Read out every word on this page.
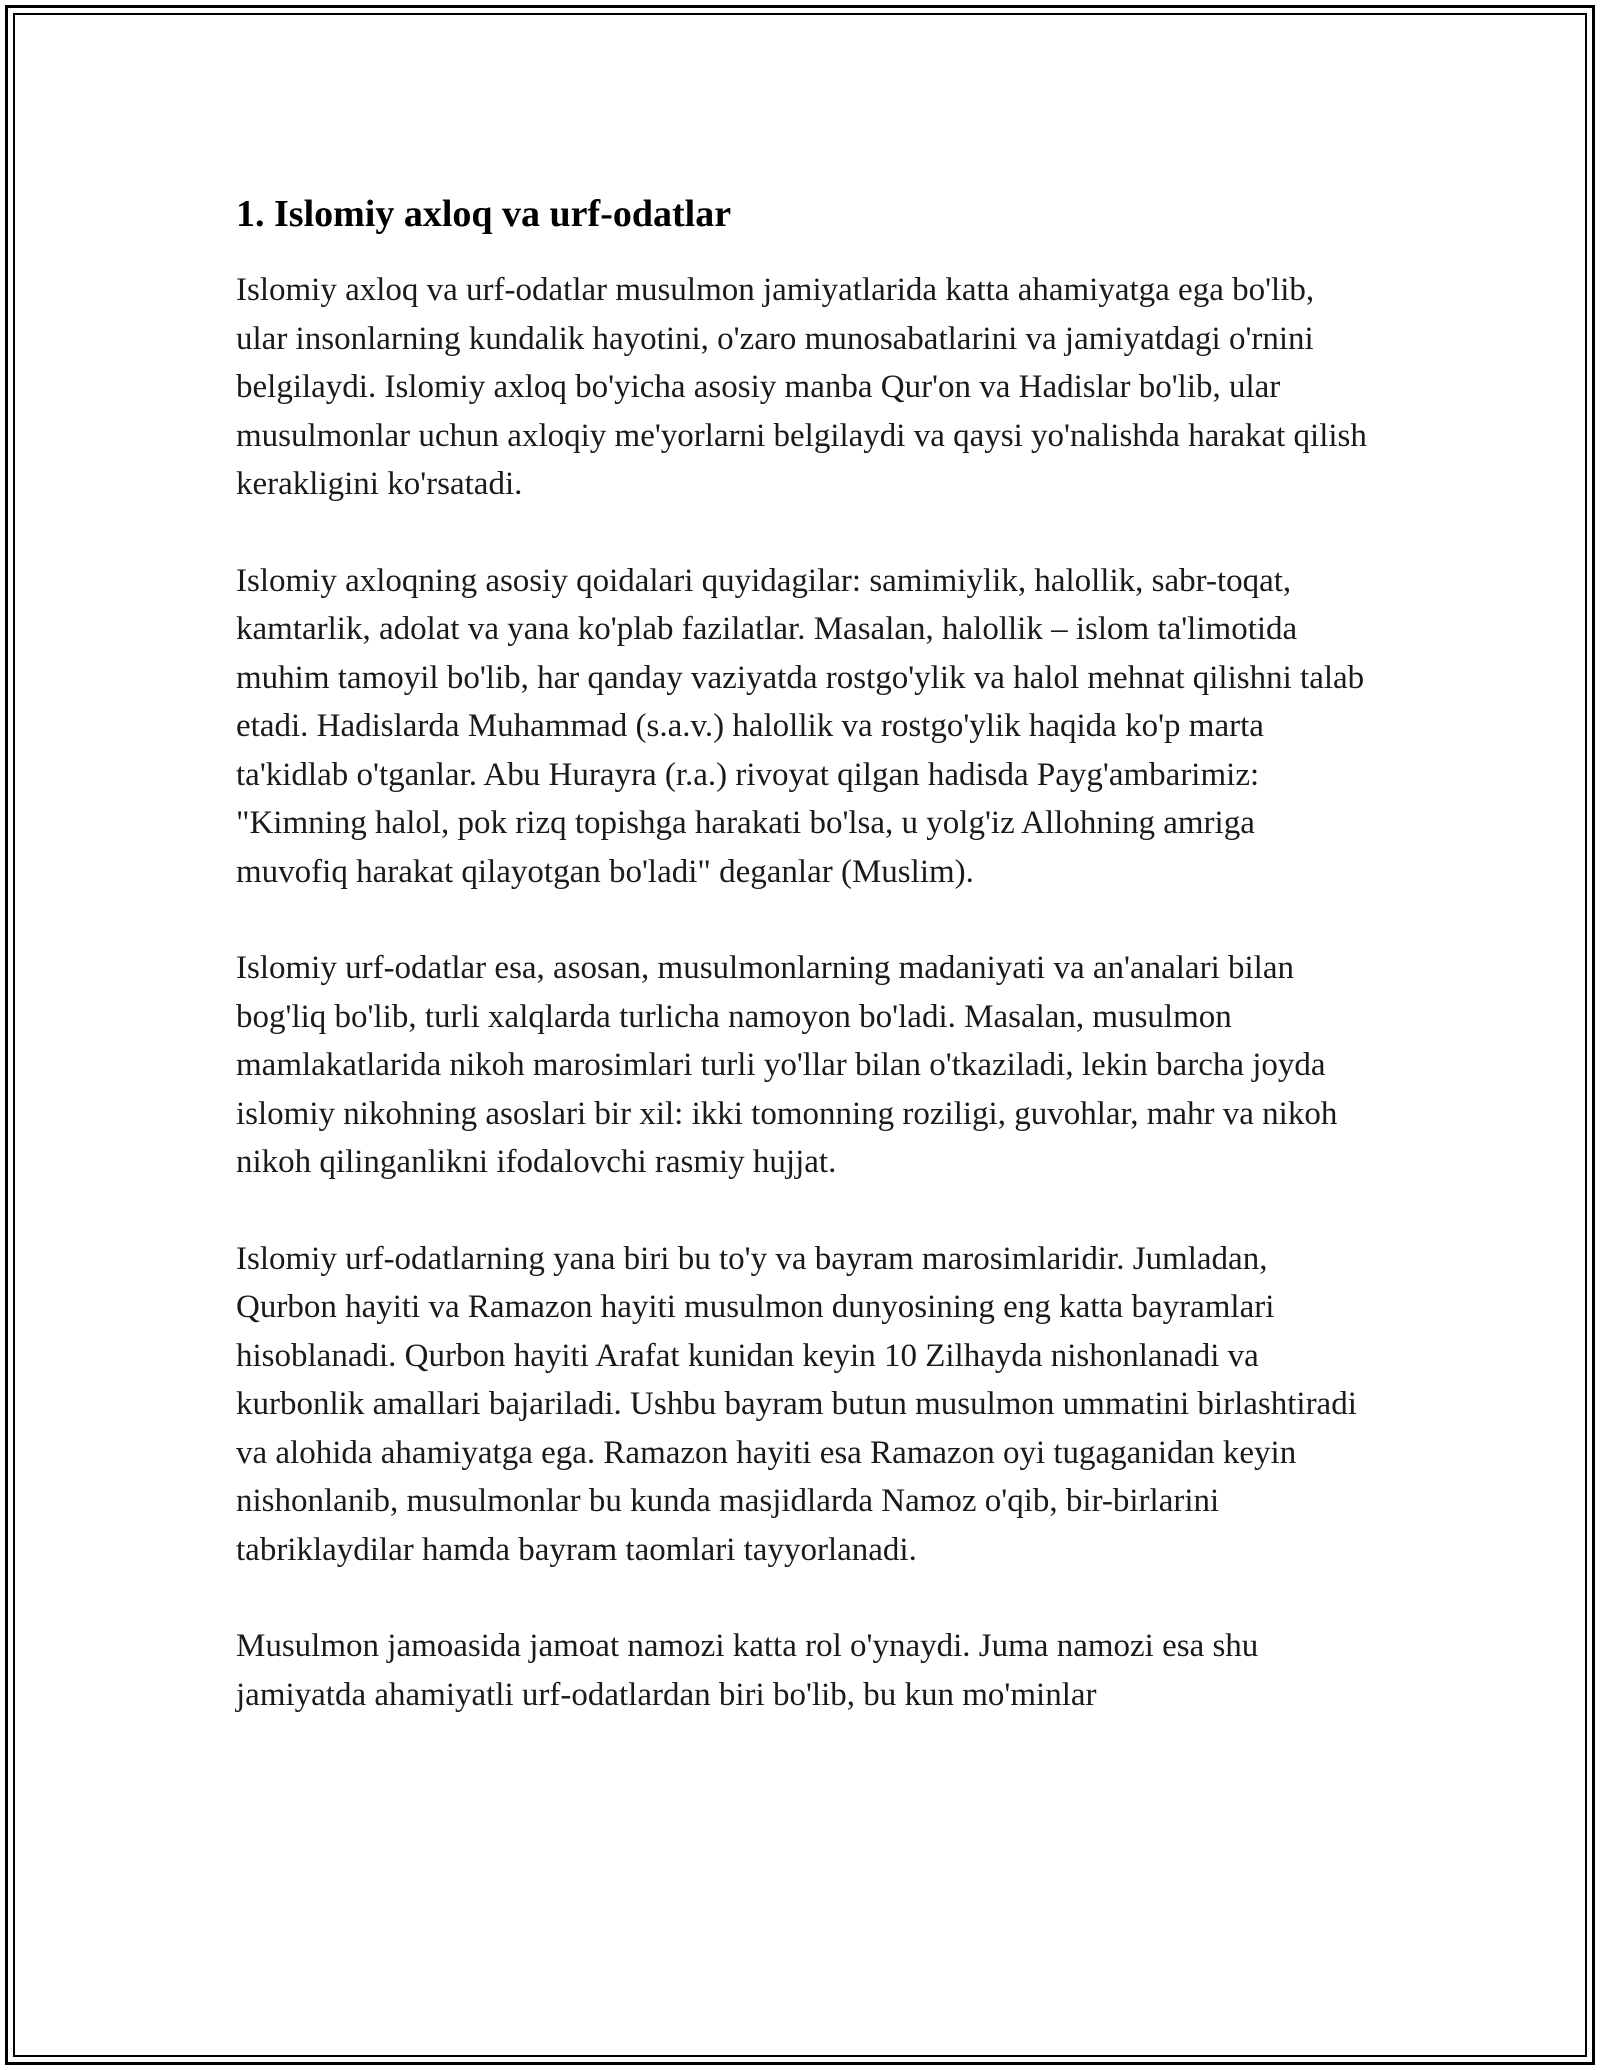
1. Islomiy axloq va urf-odatlar

Islomiy axloq va urf-odatlar musulmon jamiyatlarida katta ahamiyatga ega bo'lib, ular insonlarning kundalik hayotini, o'zaro munosabatlarini va jamiyatdagi o'rnini belgilaydi. Islomiy axloq bo'yicha asosiy manba Qur'on va Hadislar bo'lib, ular musulmonlar uchun axloqiy me'yorlarni belgilaydi va qaysi yo'nalishda harakat qilish kerakligini ko'rsatadi.

Islomiy axloqning asosiy qoidalari quyidagilar: samimiylik, halollik, sabr-toqat, kamtarlik, adolat va yana ko'plab fazilatlar. Masalan, halollik – islom ta'limotida muhim tamoyil bo'lib, har qanday vaziyatda rostgo'ylik va halol mehnat qilishni talab etadi. Hadislarda Muhammad (s.a.v.) halollik va rostgo'ylik haqida ko'p marta ta'kidlab o'tganlar. Abu Hurayra (r.a.) rivoyat qilgan hadisda Payg'ambarimiz: "Kimning halol, pok rizq topishga harakati bo'lsa, u yolg'iz Allohning amriga muvofiq harakat qilayotgan bo'ladi" deganlar (Muslim).

Islomiy urf-odatlar esa, asosan, musulmonlarning madaniyati va an'analari bilan bog'liq bo'lib, turli xalqlarda turlicha namoyon bo'ladi. Masalan, musulmon mamlakatlarida nikoh marosimlari turli yo'llar bilan o'tkaziladi, lekin barcha joyda islomiy nikohning asoslari bir xil: ikki tomonning roziligi, guvohlar, mahr va nikoh nikoh qilinganlikni ifodalovchi rasmiy hujjat.

Islomiy urf-odatlarning yana biri bu to'y va bayram marosimlaridir. Jumladan, Qurbon hayiti va Ramazon hayiti musulmon dunyosining eng katta bayramlari hisoblanadi. Qurbon hayiti Arafat kunidan keyin 10 Zilhayda nishonlanadi va kurbonlik amallari bajariladi. Ushbu bayram butun musulmon ummatini birlashtiradi va alohida ahamiyatga ega. Ramazon hayiti esa Ramazon oyi tugaganidan keyin nishonlanib, musulmonlar bu kunda masjidlarda Namoz o'qib, bir-birlarini tabriklaydilar hamda bayram taomlari tayyorlanadi.

Musulmon jamoasida jamoat namozi katta rol o'ynaydi. Juma namozi esa shu jamiyatda ahamiyatli urf-odatlardan biri bo'lib, bu kun mo'minlar
